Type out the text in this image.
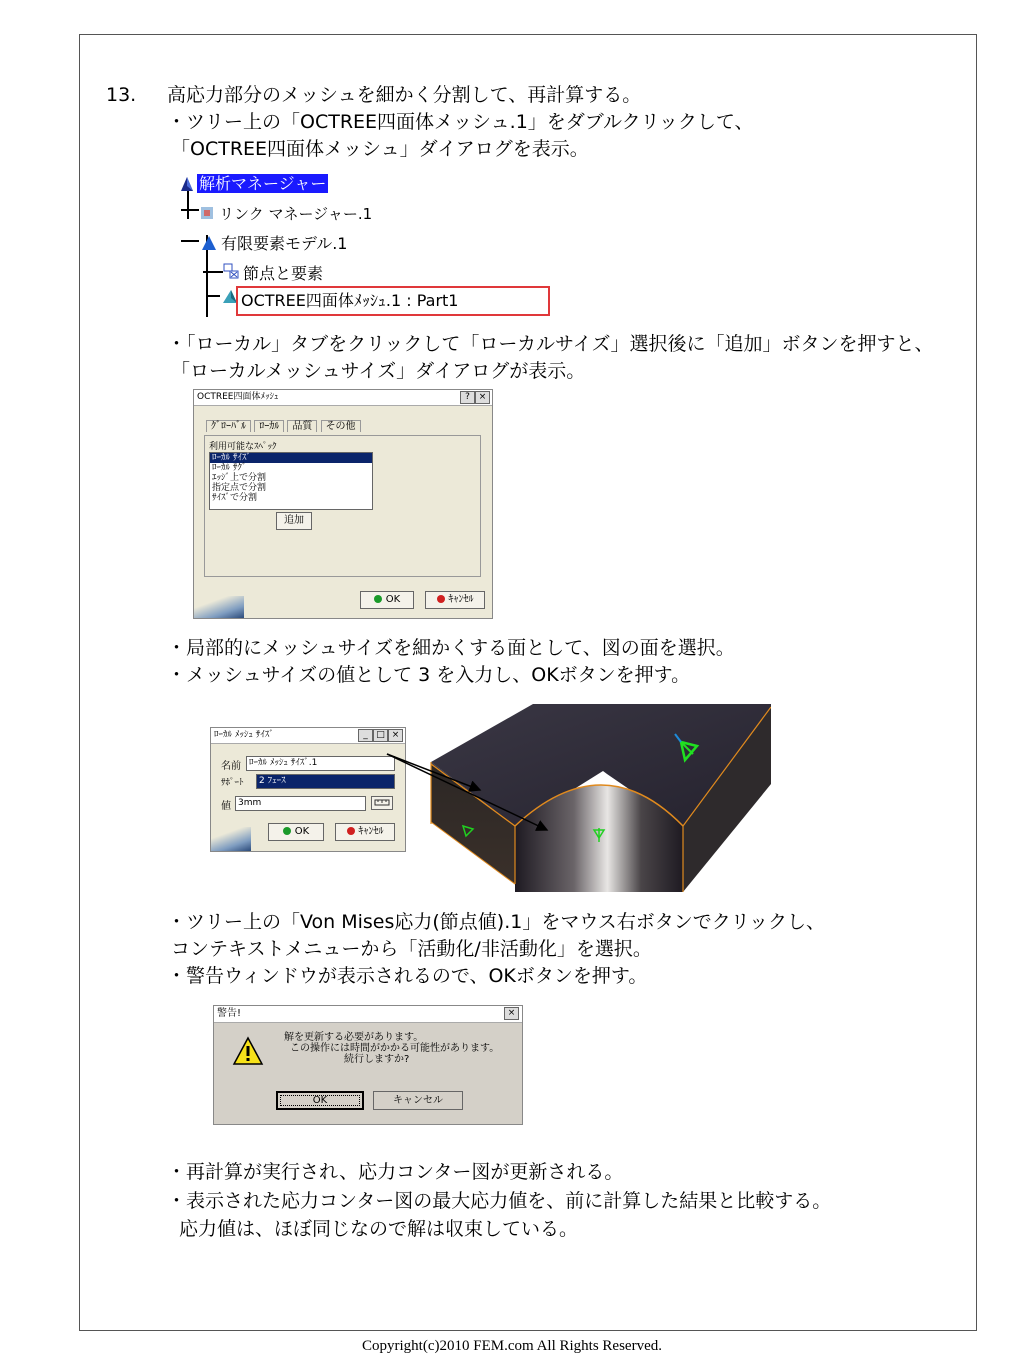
13. 高応力部分のメッシュを細かく分割して、再計算する。
・ツリー上の「OCTREE四面体メッシュ.1」をダブルクリックして、
「OCTREE四面体メッシュ」ダイアログを表示。
解析マネージャー
リンク マネージャー.1
有限要素モデル.1
節点と要素
OCTREE四面体ﾒｯｼｭ.1 : Part1
・「ローカル」タブをクリックして「ローカルサイズ」選択後に「追加」ボタンを押すと、
「ローカルメッシュサイズ」ダイアログが表示。
OCTREE四面体ﾒｯｼｭ	? ×
ｸﾞﾛｰﾊﾞﾙ ﾛｰｶﾙ 品質 その他
利用可能なｽﾍﾟｯｸ
ﾛｰｶﾙ ｻｲｽﾞ
ﾛｰｶﾙ ｻｸﾞ
ｴｯｼﾞ上で分割
指定点で分割
ｻｲｽﾞで分割
追加
OK	ｷｬﾝｾﾙ
・局部的にメッシュサイズを細かくする面として、図の面を選択。
・メッシュサイズの値として 3 を入力し、OKボタンを押す。
ﾛｰｶﾙ ﾒｯｼｭ ｻｲｽﾞ	_ □ ×
名前 ﾛｰｶﾙ ﾒｯｼｭ ｻｲｽﾞ.1
ｻﾎﾟｰﾄ	2 ﾌｪｰｽ
値 3mm
OK	ｷｬﾝｾﾙ
・ツリー上の「Von Mises応力(節点値).1」をマウス右ボタンでクリックし、
コンテキストメニューから「活動化/非活動化」を選択。
・警告ウィンドウが表示されるので、OKボタンを押す。
警告!	×
解を更新する必要があります。
この操作には時間がかかる可能性があります。
続行しますか?
OK	キャンセル
・再計算が実行され、応力コンター図が更新される。
・表示された応力コンター図の最大応力値を、前に計算した結果と比較する。
応力値は、ほぼ同じなので解は収束している。
Copyright(c)2010 FEM.com All Rights Reserved.
